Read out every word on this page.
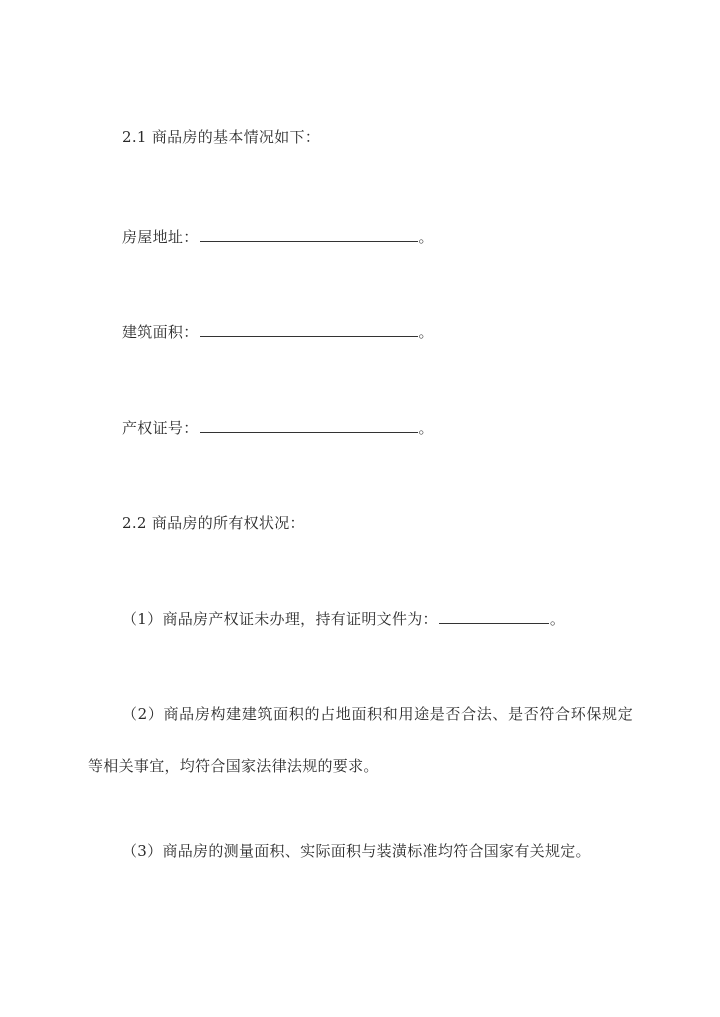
2.1 商品房的基本情况如下：
房屋地址：	。
建筑面积：	。
产权证号：	。
2.2 商品房的所有权状况：
（1）商品房产权证未办理，持有证明文件为：	。
（2）商品房构建建筑面积的占地面积和用途是否合法、是否符合环保规定等相关事宜，均符合国家法律法规的要求。
（3）商品房的测量面积、实际面积与装潢标准均符合国家有关规定。
